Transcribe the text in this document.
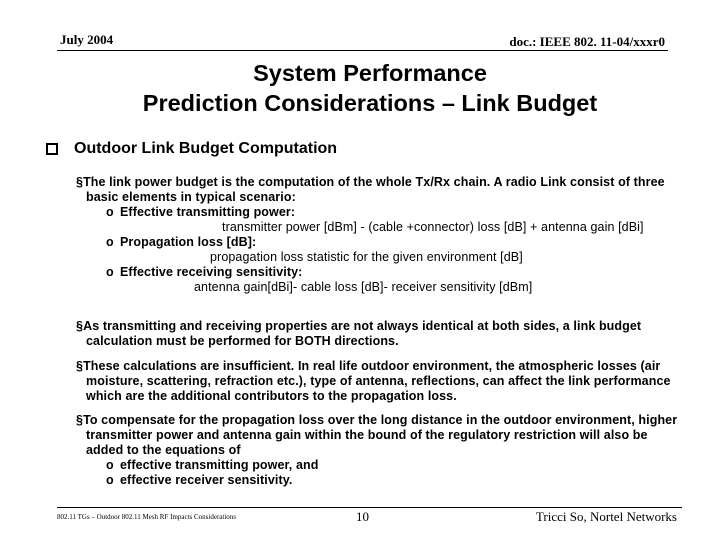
July 2004	doc.: IEEE 802. 11-04/xxxr0
System Performance
Prediction Considerations – Link Budget
Outdoor Link Budget Computation
§The link power budget is the computation of the whole Tx/Rx chain. A radio Link consist of three basic elements in typical scenario:
o Effective transmitting power:
transmitter power [dBm] - (cable +connector) loss [dB] + antenna gain [dBi]
o Propagation loss [dB]:
propagation loss statistic for the given environment [dB]
o Effective receiving sensitivity:
antenna gain[dBi]- cable loss [dB]- receiver sensitivity [dBm]
§As transmitting and receiving properties are not always identical at both sides, a link budget calculation must be performed for BOTH directions.
§These calculations are insufficient. In real life outdoor environment, the atmospheric losses (air moisture, scattering, refraction etc.), type of antenna, reflections, can affect the link performance which are the additional contributors to the propagation loss.
§To compensate for the propagation loss over the long distance in the outdoor environment, higher transmitter power and antenna gain within the bound of the regulatory restriction will also be added to the equations of
o effective transmitting power, and
o effective receiver sensitivity.
802.11 TGs – Outdoor 802.11 Mesh RF Impacts Considerations	10	Tricci So, Nortel Networks
